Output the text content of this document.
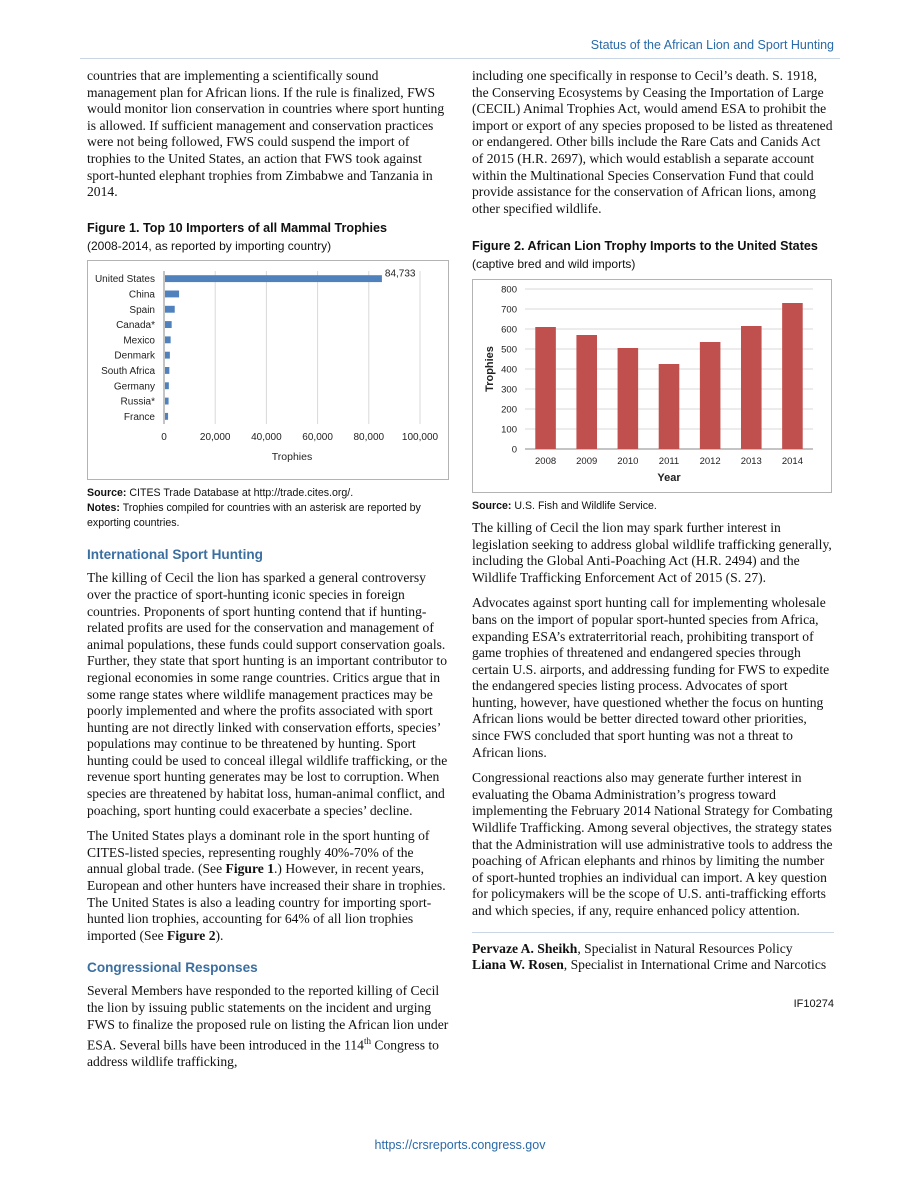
Status of the African Lion and Sport Hunting

countries that are implementing a scientifically sound management plan for African lions. If the rule is finalized, FWS would monitor lion conservation in countries where sport hunting is allowed. If sufficient management and conservation practices were not being followed, FWS could suspend the import of trophies to the United States, an action that FWS took against sport-hunted elephant trophies from Zimbabwe and Tanzania in 2014.

Figure 1. Top 10 Importers of all Mammal Trophies

(2008-2014, as reported by importing country)

0	20,000 40,000 60,000 80,000 100,000
France
Russia*
Germany
South Africa
Denmark
Mexico
Canada*
Spain
China
United States	84,733
Trophies

Source: CITES Trade Database at http://trade.cites.org/.

Notes: Trophies compiled for countries with an asterisk are reported by exporting countries.

International Sport Hunting

The killing of Cecil the lion has sparked a general controversy over the practice of sport-hunting iconic species in foreign countries. Proponents of sport hunting contend that if hunting-related profits are used for the conservation and management of animal populations, these funds could support conservation goals. Further, they state that sport hunting is an important contributor to regional economies in some range countries. Critics argue that in some range states where wildlife management practices may be poorly implemented and where the profits associated with sport hunting are not directly linked with conservation efforts, species’ populations may continue to be threatened by hunting. Sport hunting could be used to conceal illegal wildlife trafficking, or the revenue sport hunting generates may be lost to corruption. When species are threatened by habitat loss, human-animal conflict, and poaching, sport hunting could exacerbate a species’ decline.

The United States plays a dominant role in the sport hunting of CITES-listed species, representing roughly 40%-70% of the annual global trade. (See Figure 1.) However, in recent years, European and other hunters have increased their share in trophies. The United States is also a leading country for importing sport-hunted lion trophies, accounting for 64% of all lion trophies imported (See Figure 2).

Congressional Responses

Several Members have responded to the reported killing of Cecil the lion by issuing public statements on the incident and urging FWS to finalize the proposed rule on listing the African lion under ESA. Several bills have been introduced in the 114th Congress to address wildlife trafficking,

including one specifically in response to Cecil’s death. S. 1918, the Conserving Ecosystems by Ceasing the Importation of Large (CECIL) Animal Trophies Act, would amend ESA to prohibit the import or export of any species proposed to be listed as threatened or endangered. Other bills include the Rare Cats and Canids Act of 2015 (H.R. 2697), which would establish a separate account within the Multinational Species Conservation Fund that could provide assistance for the conservation of African lions, among other specified wildlife.

Figure 2. African Lion Trophy Imports to the United States

(captive bred and wild imports)

0
100
200
300
400
500
600
700
800
2008 2009 2010 2011 2012 2013 2014
Year
Trophies

Source: U.S. Fish and Wildlife Service.

The killing of Cecil the lion may spark further interest in legislation seeking to address global wildlife trafficking generally, including the Global Anti-Poaching Act (H.R. 2494) and the Wildlife Trafficking Enforcement Act of 2015 (S. 27).

Advocates against sport hunting call for implementing wholesale bans on the import of popular sport-hunted species from Africa, expanding ESA’s extraterritorial reach, prohibiting transport of game trophies of threatened and endangered species through certain U.S. airports, and addressing funding for FWS to expedite the endangered species listing process. Advocates of sport hunting, however, have questioned whether the focus on hunting African lions would be better directed toward other priorities, since FWS concluded that sport hunting was not a threat to African lions.

Congressional reactions also may generate further interest in evaluating the Obama Administration’s progress toward implementing the February 2014 National Strategy for Combating Wildlife Trafficking. Among several objectives, the strategy states that the Administration will use administrative tools to address the poaching of African elephants and rhinos by limiting the number of sport-hunted trophies an individual can import. A key question for policymakers will be the scope of U.S. anti-trafficking efforts and which species, if any, require enhanced policy attention.

Pervaze A. Sheikh, Specialist in Natural Resources Policy

Liana W. Rosen, Specialist in International Crime and Narcotics

IF10274
https://crsreports.congress.gov
